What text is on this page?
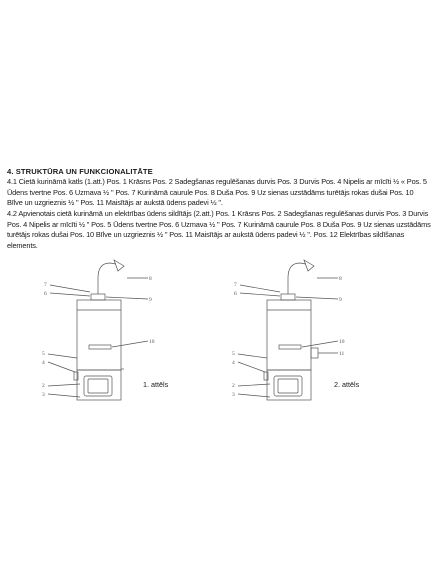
4. STRUKTŪRA UN FUNKCIONALITĀTE
4.1 Cietā kurināmā katls (1.att.) Pos. 1 Krāsns Pos. 2 Sadegšanas regulēšanas durvis Pos. 3 Durvis Pos. 4 Nipelis ar mīcīti ½ « Pos. 5 Ūdens tvertne Pos. 6 Uzmava ½ " Pos. 7 Kurināmā caurule Pos. 8 Duša Pos. 9 Uz sienas uzstādāms turētājs rokas dušai Pos. 10 Bīlve un uzgrieznis ½ " Pos. 11 Maisītājs ar aukstā ūdens padevi ½ ".
4.2 Apvienotais cietā kurināmā un elektrības ūdens sildītājs (2.att.) Pos. 1 Krāsns Pos. 2 Sadegšanas regulēšanas durvis Pos. 3 Durvis Pos. 4 Nipelis ar mīcīti ½ " Pos. 5 Ūdens tvertne Pos. 6 Uzmava ½ " Pos. 7 Kurināmā caurule Pos. 8 Duša Pos. 9 Uz sienas uzstādāms turētājs rokas dušai Pos. 10 Bīlve un uzgrieznis ½ " Pos. 11 Maisītājs ar aukstā ūdens padevi ½ ". Pos. 12 Elektrības sildīšanas elements.
7
6
8
9
10
5
4
2
3
1. attēls
7
6
8
9
10
11
5
4
2
3
2. attēls
